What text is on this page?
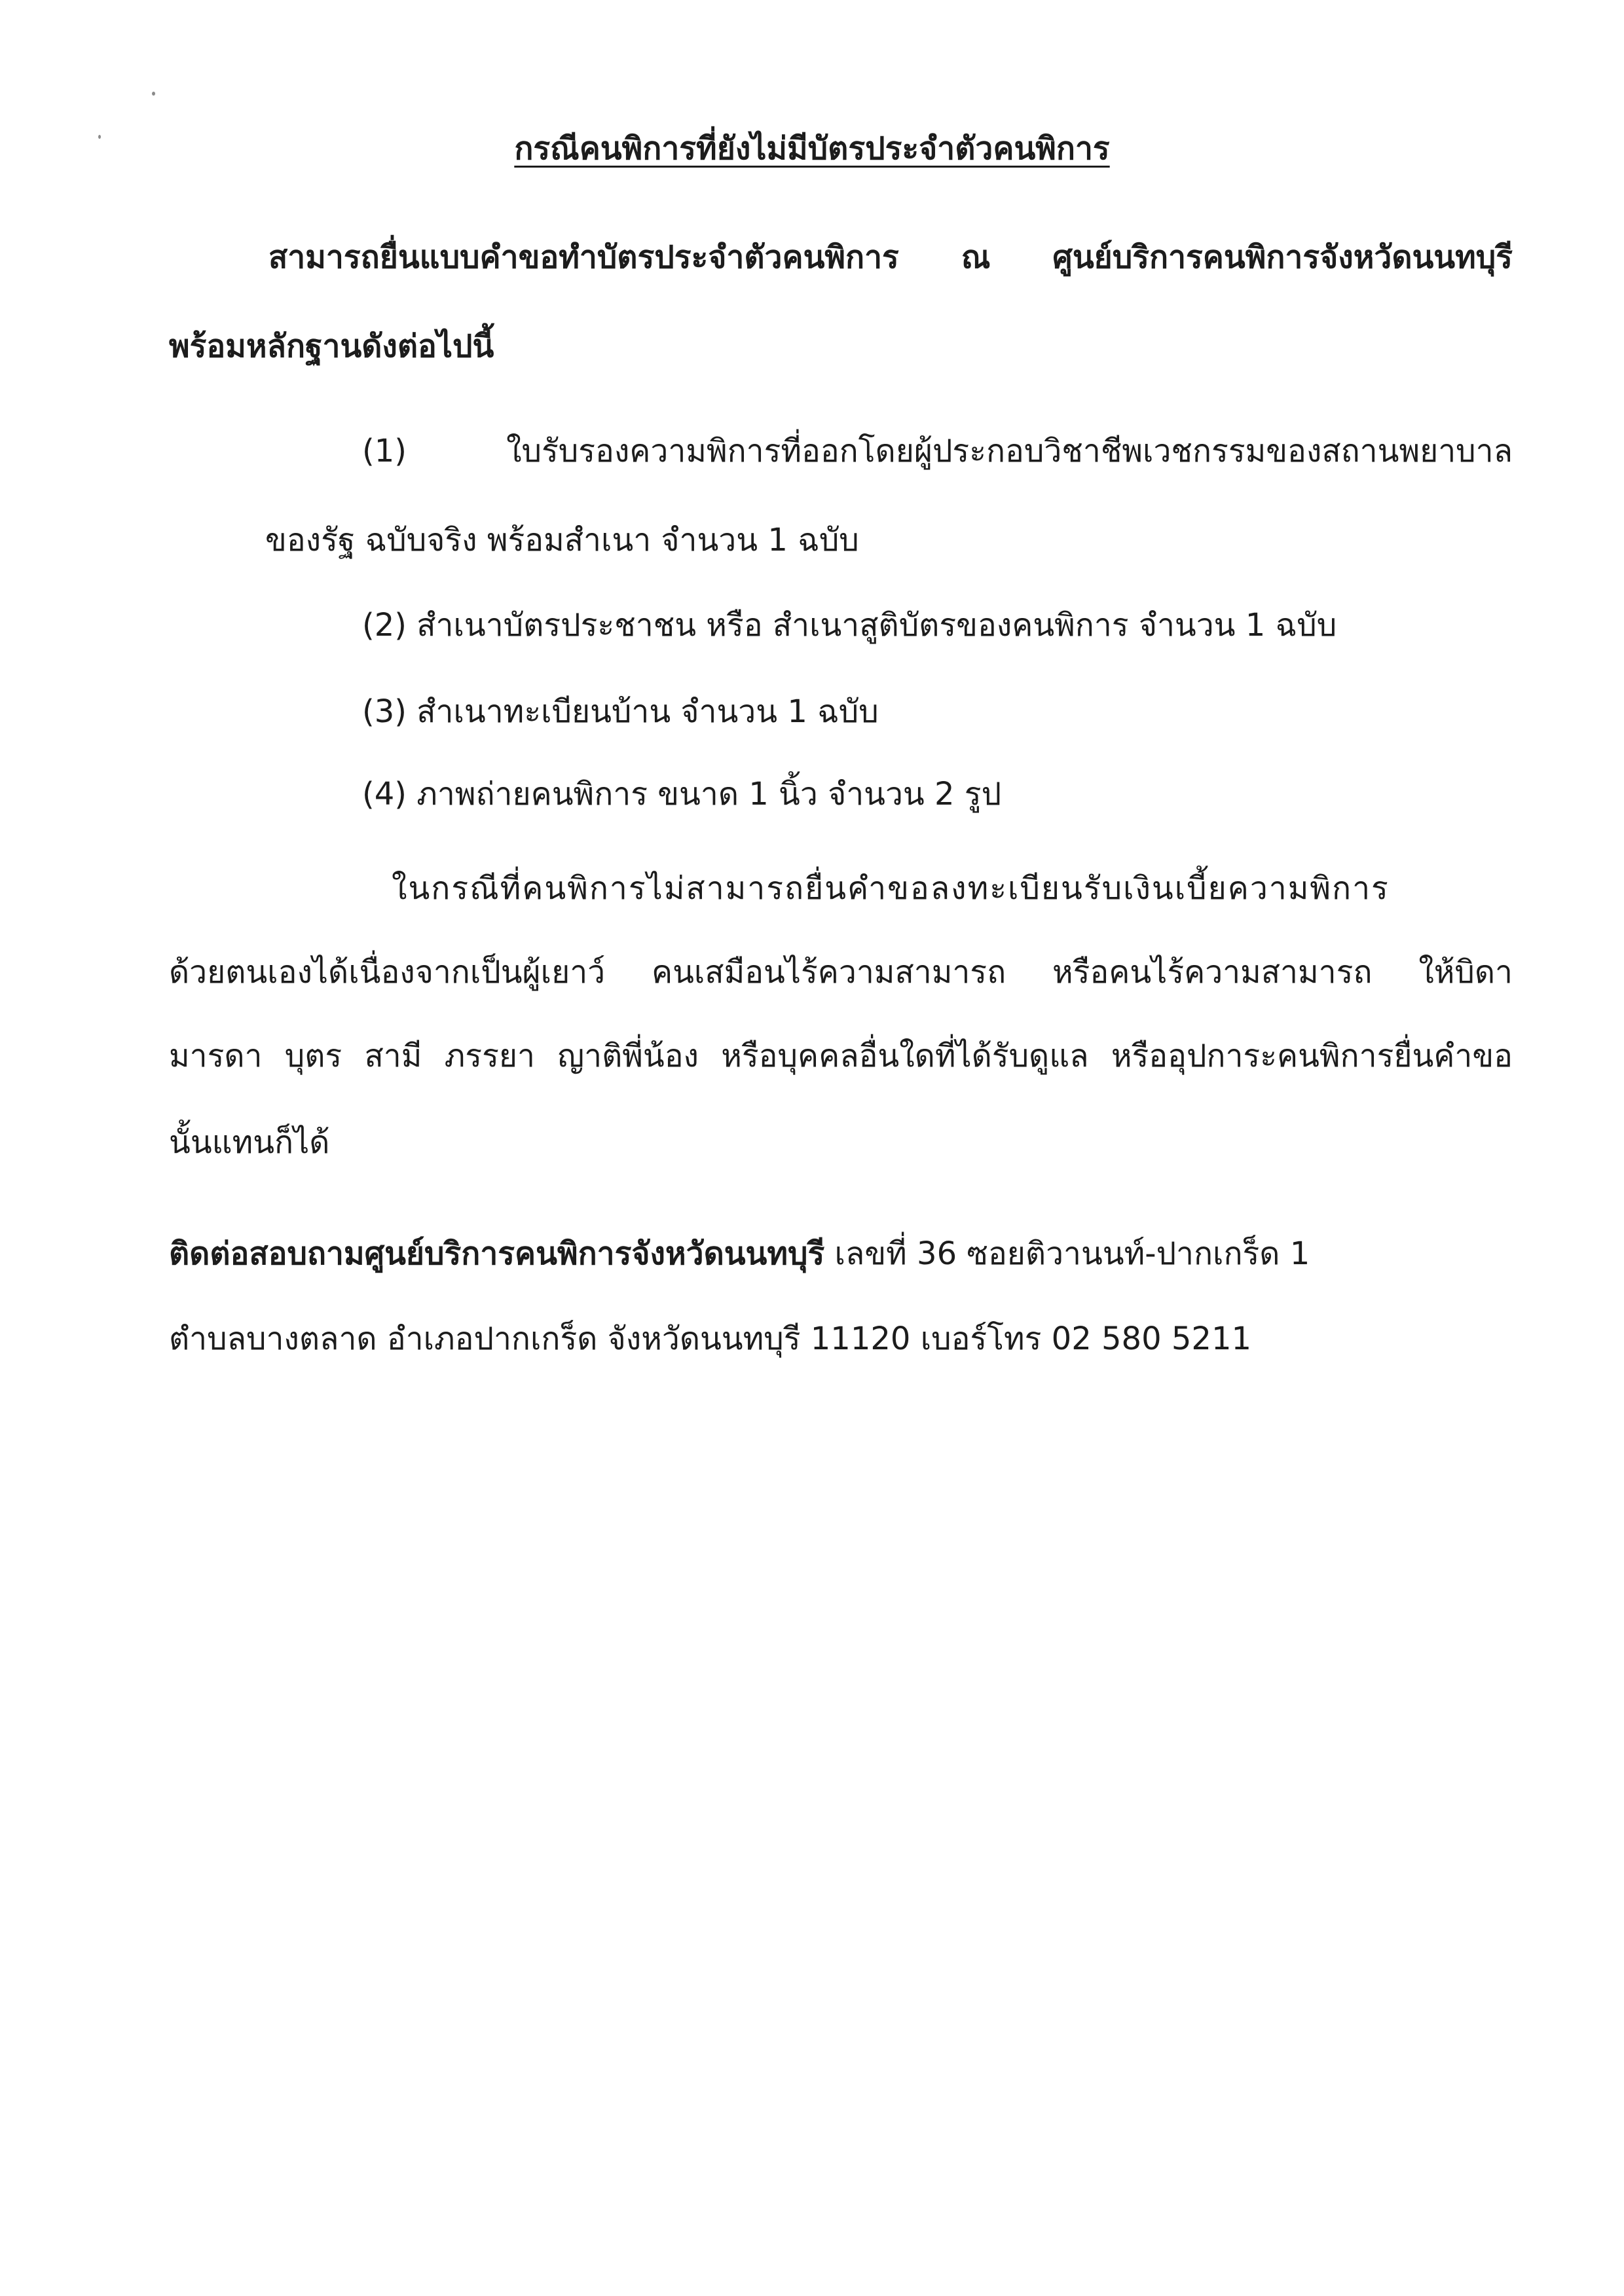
กรณีคนพิการที่ยังไม่มีบัตรประจำตัวคนพิการ
สามารถยื่นแบบคำขอทำบัตรประจำตัวคนพิการ ณ ศูนย์บริการคนพิการจังหวัดนนทบุรี
พร้อมหลักฐานดังต่อไปนี้
(1) ใบรับรองความพิการที่ออกโดยผู้ประกอบวิชาชีพเวชกรรมของสถานพยาบาล
ของรัฐ ฉบับจริง พร้อมสำเนา จำนวน 1 ฉบับ
(2) สำเนาบัตรประชาชน หรือ สำเนาสูติบัตรของคนพิการ จำนวน 1 ฉบับ
(3) สำเนาทะเบียนบ้าน จำนวน 1 ฉบับ
(4) ภาพถ่ายคนพิการ ขนาด 1 นิ้ว จำนวน 2 รูป
ในกรณีที่คนพิการไม่สามารถยื่นคำขอลงทะเบียนรับเงินเบี้ยความพิการ
ด้วยตนเองได้เนื่องจากเป็นผู้เยาว์ คนเสมือนไร้ความสามารถ หรือคนไร้ความสามารถ ให้บิดา
มารดา บุตร สามี ภรรยา ญาติพี่น้อง หรือบุคคลอื่นใดที่ได้รับดูแล หรืออุปการะคนพิการยื่นคำขอ
นั้นแทนก็ได้
ติดต่อสอบถามศูนย์บริการคนพิการจังหวัดนนทบุรี เลขที่ 36 ซอยติวานนท์-ปากเกร็ด 1
ตำบลบางตลาด อำเภอปากเกร็ด จังหวัดนนทบุรี 11120 เบอร์โทร 02 580 5211
